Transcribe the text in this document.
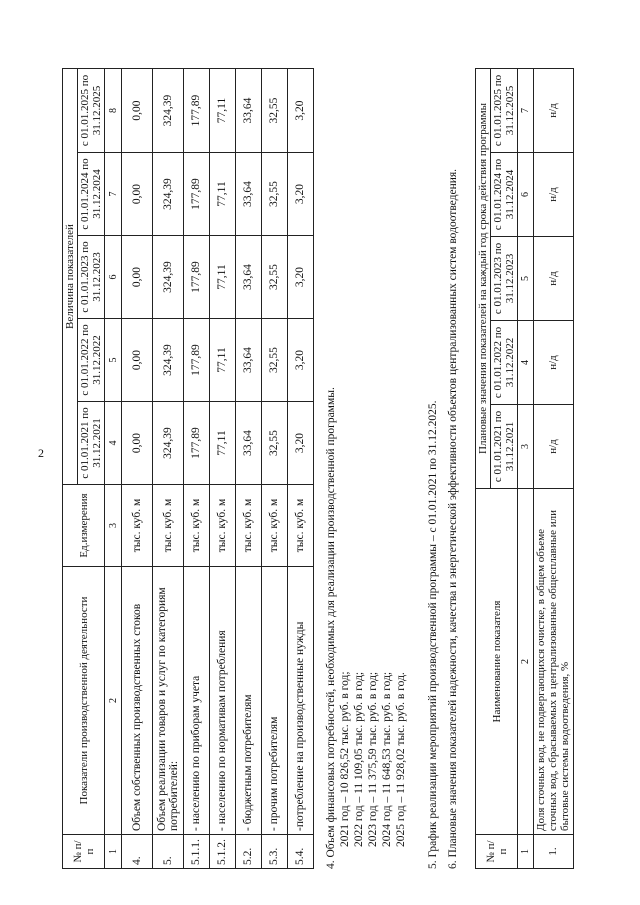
2
№ п/п	Показатели производственной деятельности	Ед.измерения	Величина показателей				
			с 01.01.2021 по 31.12.2021	с 01.01.2022 по 31.12.2022	с 01.01.2023 по 31.12.2023	с 01.01.2024 по 31.12.2024	с 01.01.2025 по 31.12.2025
1	2	3	4	5	6	7	8
4.	Объем собственных производственных стоков	тыс. куб. м	0,00	0,00	0,00	0,00	0,00
5.	Объем реализации товаров и услуг по категориям потребителей:	тыс. куб. м	324,39	324,39	324,39	324,39	324,39
5.1.1.	- населению по приборам учета	тыс. куб. м	177,89	177,89	177,89	177,89	177,89
5.1.2.	- населению по нормативам потребления	тыс. куб. м	77,11	77,11	77,11	77,11	77,11
5.2.	- бюджетным потребителям	тыс. куб. м	33,64	33,64	33,64	33,64	33,64
5.3.	- прочим потребителям	тыс. куб. м	32,55	32,55	32,55	32,55	32,55
5.4.	-потребление на производственные нужды	тыс. куб. м	3,20	3,20	3,20	3,20	3,20
4. Объем финансовых потребностей, необходимых для реализации производственной программы. 2021 год – 10 826,52 тыс. руб. в год; 2022 год – 11 109,05 тыс. руб. в год; 2023 год – 11 375,59 тыс. руб. в год; 2024 год – 11 648,53 тыс. руб. в год; 2025 год – 11 928,02 тыс. руб. в год. 5. График реализации мероприятий производственной программы – с 01.01.2021 по 31.12.2025. 6. Плановые значения показателей надежности, качества и энергетической эффективности объектов централизованных систем водоотведения. № п/п	Наименование показателя	Плановые значения показателей на каждый год срока действия программы				
		с 01.01.2021 по 31.12.2021	с 01.01.2022 по 31.12.2022	с 01.01.2023 по 31.12.2023	с 01.01.2024 по 31.12.2024	с 01.01.2025 по 31.12.2025
1	2	3	4	5	6	7
1.	Доля сточных вод, не подвергающихся очистке, в общем объеме сточных вод, сбрасываемых в централизованные общесплавные или бытовые системы водоотведения, %	н/д	н/д	н/д	н/д	н/д
